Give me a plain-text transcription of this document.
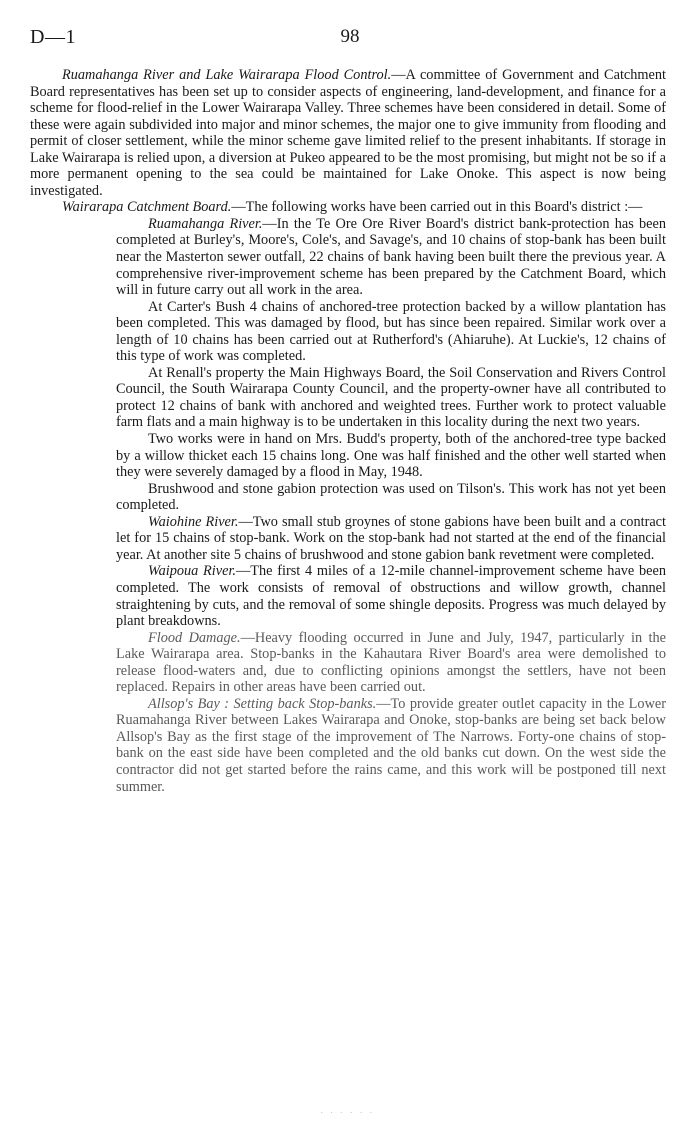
D—1	98

Ruamahanga River and Lake Wairarapa Flood Control.—A committee of Government and Catchment Board representatives has been set up to consider aspects of engineering, land-development, and finance for a scheme for flood-relief in the Lower Wairarapa Valley. Three schemes have been considered in detail. Some of these were again subdivided into major and minor schemes, the major one to give immunity from flooding and permit of closer settlement, while the minor scheme gave limited relief to the present inhabitants. If storage in Lake Wairarapa is relied upon, a diversion at Pukeo appeared to be the most promising, but might not be so if a more permanent opening to the sea could be maintained for Lake Onoke. This aspect is now being investigated.

Wairarapa Catchment Board.—The following works have been carried out in this Board's district :—

Ruamahanga River.—In the Te Ore Ore River Board's district bank-protection has been completed at Burley's, Moore's, Cole's, and Savage's, and 10 chains of stop-bank has been built near the Masterton sewer outfall, 22 chains of bank having been built there the previous year. A comprehensive river-improvement scheme has been prepared by the Catchment Board, which will in future carry out all work in the area.

At Carter's Bush 4 chains of anchored-tree protection backed by a willow plantation has been completed. This was damaged by flood, but has since been repaired. Similar work over a length of 10 chains has been carried out at Rutherford's (Ahiaruhe). At Luckie's, 12 chains of this type of work was completed.

At Renall's property the Main Highways Board, the Soil Conservation and Rivers Control Council, the South Wairarapa County Council, and the property-owner have all contributed to protect 12 chains of bank with anchored and weighted trees. Further work to protect valuable farm flats and a main highway is to be undertaken in this locality during the next two years.

Two works were in hand on Mrs. Budd's property, both of the anchored-tree type backed by a willow thicket each 15 chains long. One was half finished and the other well started when they were severely damaged by a flood in May, 1948.

Brushwood and stone gabion protection was used on Tilson's. This work has not yet been completed.

Waiohine River.—Two small stub groynes of stone gabions have been built and a contract let for 15 chains of stop-bank. Work on the stop-bank had not started at the end of the financial year. At another site 5 chains of brushwood and stone gabion bank revetment were completed.

Waipoua River.—The first 4 miles of a 12-mile channel-improvement scheme have been completed. The work consists of removal of obstructions and willow growth, channel straightening by cuts, and the removal of some shingle deposits. Progress was much delayed by plant breakdowns.

Flood Damage.—Heavy flooding occurred in June and July, 1947, particularly in the Lake Wairarapa area. Stop-banks in the Kahautara River Board's area were demolished to release flood-waters and, due to conflicting opinions amongst the settlers, have not been replaced. Repairs in other areas have been carried out.

Allsop's Bay : Setting back Stop-banks.—To provide greater outlet capacity in the Lower Ruamahanga River between Lakes Wairarapa and Onoke, stop-banks are being set back below Allsop's Bay as the first stage of the improvement of The Narrows. Forty-one chains of stop-bank on the east side have been completed and the old banks cut down. On the west side the contractor did not get started before the rains came, and this work will be postponed till next summer.

· · · · · ·
